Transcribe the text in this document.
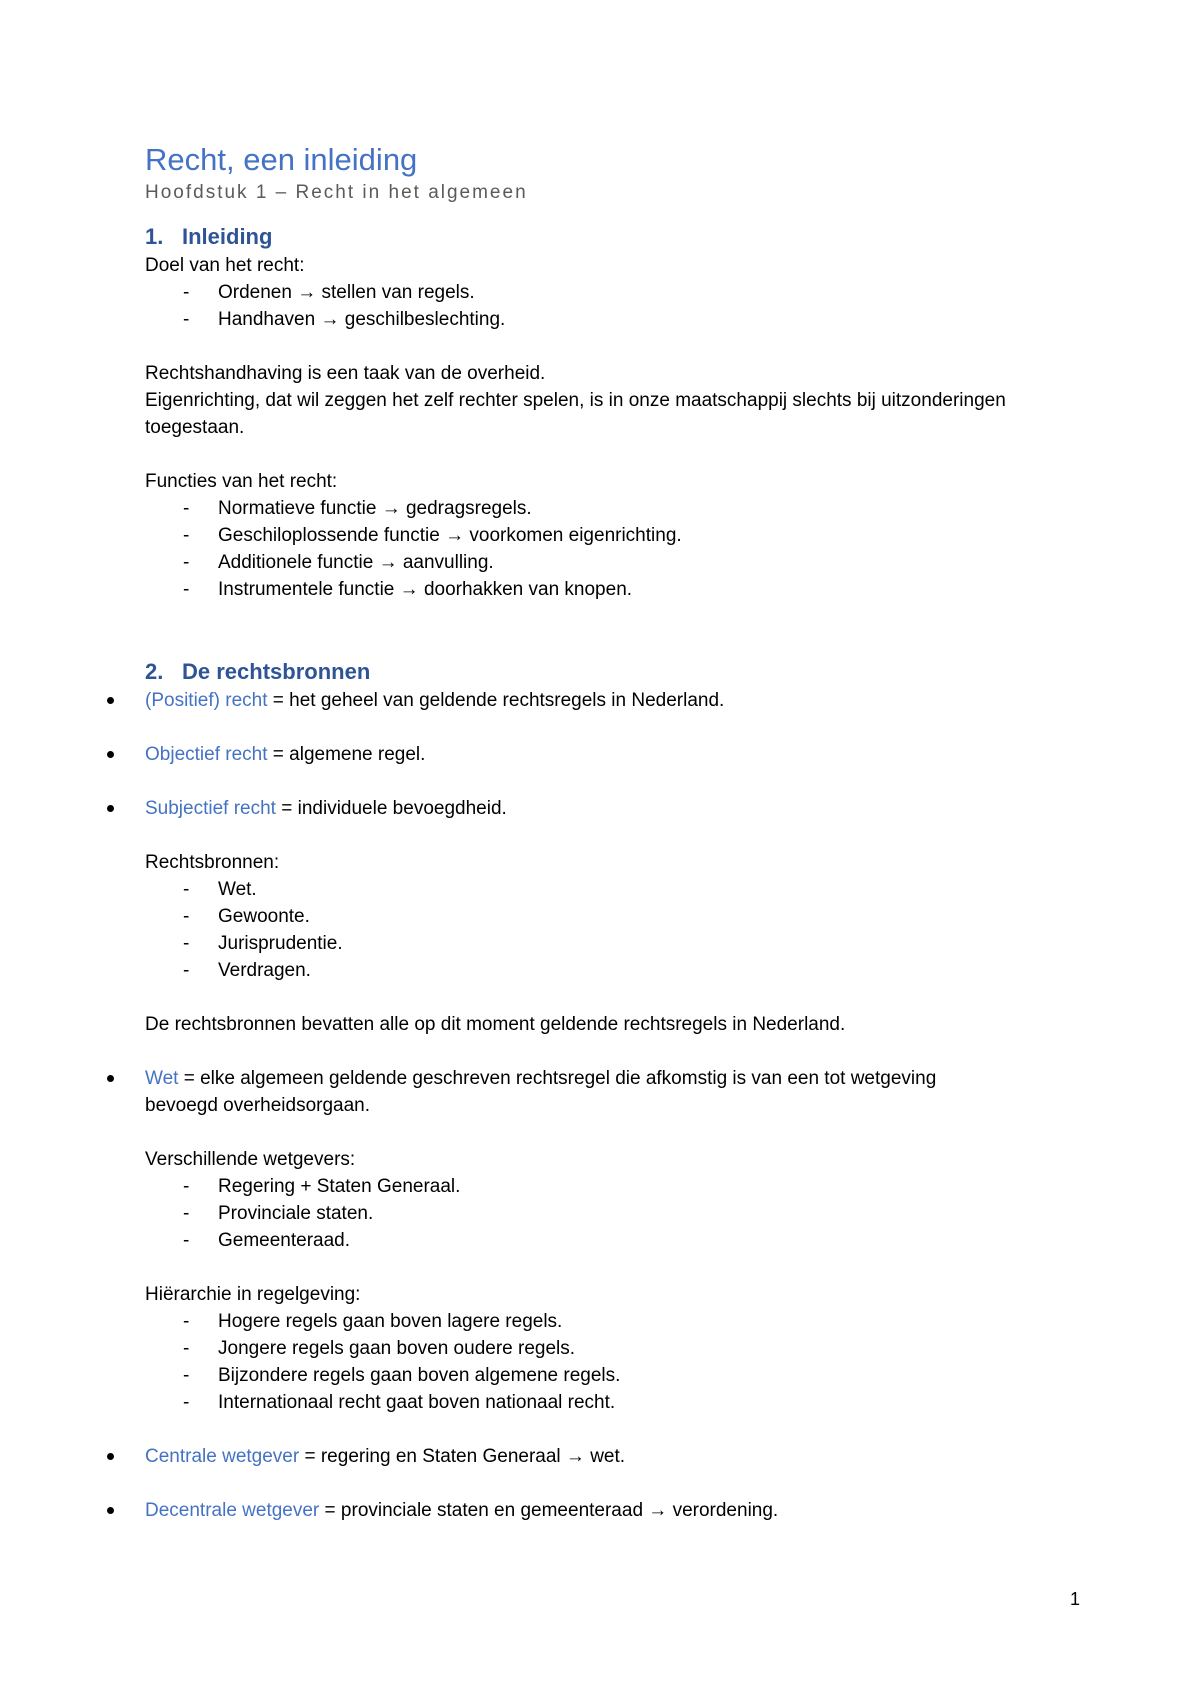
Recht, een inleiding
Hoofdstuk 1 – Recht in het algemeen
1. Inleiding

Doel van het recht:

- Ordenen → stellen van regels.
- Handhaven → geschilbeslechting.

Rechtshandhaving is een taak van de overheid.

Eigenrichting, dat wil zeggen het zelf rechter spelen, is in onze maatschappij slechts bij uitzonderingen

toegestaan.

Functies van het recht:

- Normatieve functie → gedragsregels.
- Geschiloplossende functie → voorkomen eigenrichting.
- Additionele functie → aanvulling.
- Instrumentele functie → doorhakken van knopen.
2. De rechtsbronnen

(Positief) recht = het geheel van geldende rechtsregels in Nederland.

Objectief recht = algemene regel.

Subjectief recht = individuele bevoegdheid.

Rechtsbronnen:

- Wet.
- Gewoonte.
- Jurisprudentie.
- Verdragen.

De rechtsbronnen bevatten alle op dit moment geldende rechtsregels in Nederland.

Wet = elke algemeen geldende geschreven rechtsregel die afkomstig is van een tot wetgeving

bevoegd overheidsorgaan.

Verschillende wetgevers:

- Regering + Staten Generaal.
- Provinciale staten.
- Gemeenteraad.

Hiërarchie in regelgeving:

- Hogere regels gaan boven lagere regels.
- Jongere regels gaan boven oudere regels.
- Bijzondere regels gaan boven algemene regels.
- Internationaal recht gaat boven nationaal recht.

Centrale wetgever = regering en Staten Generaal → wet.

Decentrale wetgever = provinciale staten en gemeenteraad → verordening.

1
